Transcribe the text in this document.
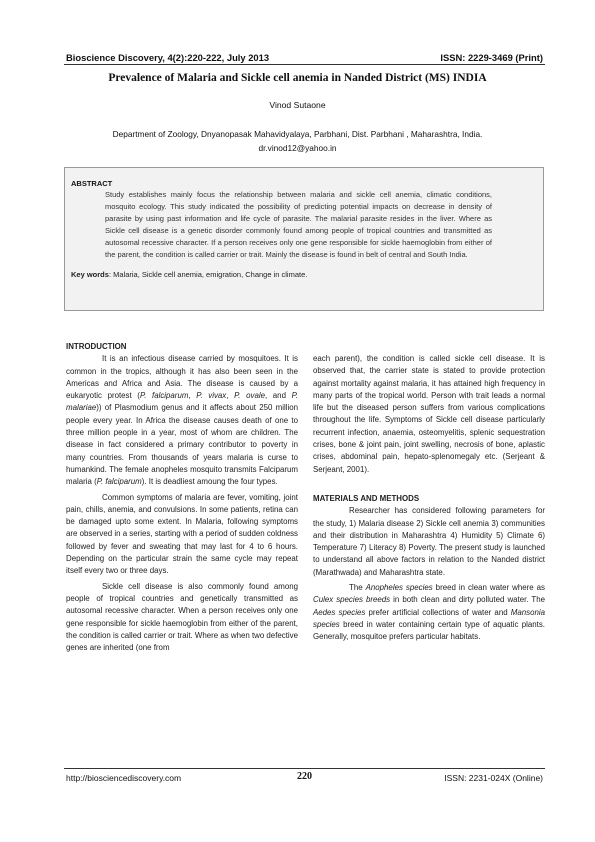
Bioscience Discovery, 4(2):220-222, July 2013	ISSN: 2229-3469 (Print)
Prevalence of Malaria and Sickle cell anemia in Nanded District (MS) INDIA
Vinod Sutaone
Department of Zoology, Dnyanopasak Mahavidyalaya, Parbhani, Dist. Parbhani , Maharashtra, India.
dr.vinod12@yahoo.in
ABSTRACT
Study establishes mainly focus the relationship between malaria and sickle cell anemia, climatic conditions, mosquito ecology. This study indicated the possibility of predicting potential impacts on decrease in density of parasite by using past information and life cycle of parasite. The malarial parasite resides in the liver. Where as Sickle cell disease is a genetic disorder commonly found among people of tropical countries and transmitted as autosomal recessive character. If a person receives only one gene responsible for sickle haemoglobin from either of the parent, the condition is called carrier or trait. Mainly the disease is found in belt of central and South India.
Key words: Malaria, Sickle cell anemia, emigration, Change in climate.
INTRODUCTION

It is an infectious disease carried by mosquitoes. It is common in the tropics, although it has also been seen in the Americas and Africa and Asia. The disease is caused by a eukaryotic protest (P. falciparum, P. vivax, P. ovale, and P. malariae)) of Plasmodium genus and it affects about 250 million people every year. In Africa the disease causes death of one to three million people in a year, most of whom are children. The disease in fact considered a primary contributor to poverty in many countries. From thousands of years malaria is curse to humankind. The female anopheles mosquito transmits Falciparum malaria (P. falciparum). It is deadliest amoung the four types.

Common symptoms of malaria are fever, vomiting, joint pain, chills, anemia, and convulsions. In some patients, retina can be damaged upto some extent. In Malaria, following symptoms are observed in a series, starting with a period of sudden coldness followed by fever and sweating that may last for 4 to 6 hours. Depending on the particular strain the same cycle may repeat itself every two or three days.

Sickle cell disease is also commonly found among people of tropical countries and genetically transmitted as autosomal recessive character. When a person receives only one gene responsible for sickle haemoglobin from either of the parent, the condition is called carrier or trait. Where as when two defective genes are inherited (one from

each parent), the condition is called sickle cell disease. It is observed that, the carrier state is stated to provide protection against mortality against malaria, it has attained high frequency in many parts of the tropical world. Person with trait leads a normal life but the diseased person suffers from various complications throughout the life. Symptoms of Sickle cell disease particularly recurrent infection, anaemia, osteomyelitis, splenic sequestration crises, bone & joint pain, joint swelling, necrosis of bone, aplastic crises, abdominal pain, hepato-splenomegaly etc. (Serjeant & Serjeant, 2001).

MATERIALS AND METHODS

Researcher has considered following parameters for the study, 1) Malaria disease 2) Sickle cell anemia 3) communities and their distribution in Maharashtra 4) Humidity 5) Climate 6) Temperature 7) Literacy 8) Poverty. The present study is launched to understand all above factors in relation to the Nanded district (Marathwada) and Maharashtra state.

The Anopheles species breed in clean water where as Culex species breeds in both clean and dirty polluted water. The Aedes species prefer artificial collections of water and Mansonia species breed in water containing certain type of aquatic plants. Generally, mosquitoe prefers particular habitats.

http://biosciencediscovery.com	220	ISSN: 2231-024X (Online)
